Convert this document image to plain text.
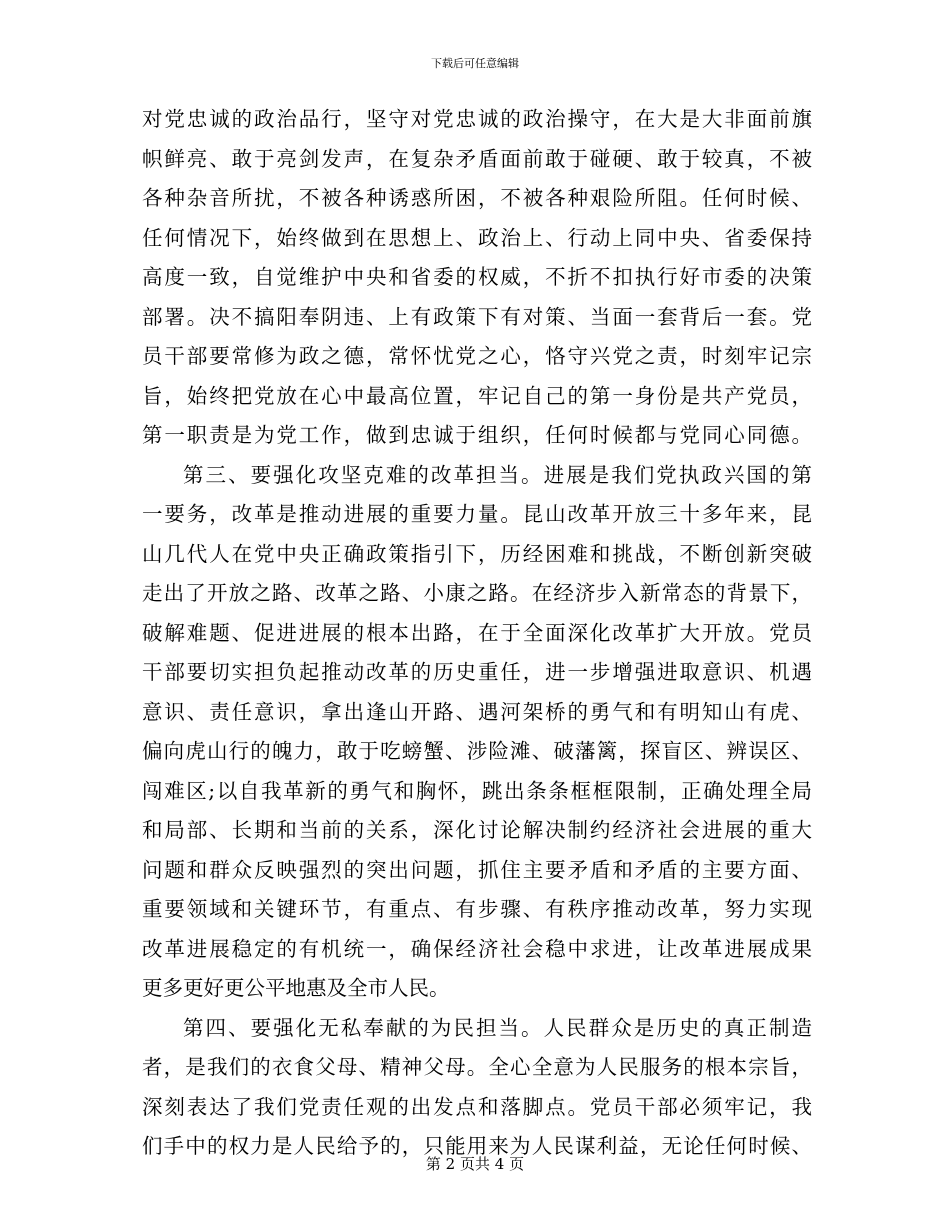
下载后可任意编辑
对党忠诚的政治品行，坚守对党忠诚的政治操守，在大是大非面前旗
帜鲜亮、敢于亮剑发声，在复杂矛盾面前敢于碰硬、敢于较真，不被
各种杂音所扰，不被各种诱惑所困，不被各种艰险所阻。任何时候、
任何情况下，始终做到在思想上、政治上、行动上同中央、省委保持
高度一致，自觉维护中央和省委的权威，不折不扣执行好市委的决策
部署。决不搞阳奉阴违、上有政策下有对策、当面一套背后一套。党
员干部要常修为政之德，常怀忧党之心，恪守兴党之责，时刻牢记宗
旨，始终把党放在心中最高位置，牢记自己的第一身份是共产党员，
第一职责是为党工作，做到忠诚于组织，任何时候都与党同心同德。
第三、要强化攻坚克难的改革担当。进展是我们党执政兴国的第
一要务，改革是推动进展的重要力量。昆山改革开放三十多年来，昆
山几代人在党中央正确政策指引下，历经困难和挑战，不断创新突破
走出了开放之路、改革之路、小康之路。在经济步入新常态的背景下，
破解难题、促进进展的根本出路，在于全面深化改革扩大开放。党员
干部要切实担负起推动改革的历史重任，进一步增强进取意识、机遇
意识、责任意识，拿出逢山开路、遇河架桥的勇气和有明知山有虎、
偏向虎山行的魄力，敢于吃螃蟹、涉险滩、破藩篱，探盲区、辨误区、
闯难区;以自我革新的勇气和胸怀，跳出条条框框限制，正确处理全局
和局部、长期和当前的关系，深化讨论解决制约经济社会进展的重大
问题和群众反映强烈的突出问题，抓住主要矛盾和矛盾的主要方面、
重要领域和关键环节，有重点、有步骤、有秩序推动改革，努力实现
改革进展稳定的有机统一，确保经济社会稳中求进，让改革进展成果
更多更好更公平地惠及全市人民。
第四、要强化无私奉献的为民担当。人民群众是历史的真正制造
者，是我们的衣食父母、精神父母。全心全意为人民服务的根本宗旨，
深刻表达了我们党责任观的出发点和落脚点。党员干部必须牢记，我
们手中的权力是人民给予的，只能用来为人民谋利益，无论任何时候、
第 2 页共 4 页
